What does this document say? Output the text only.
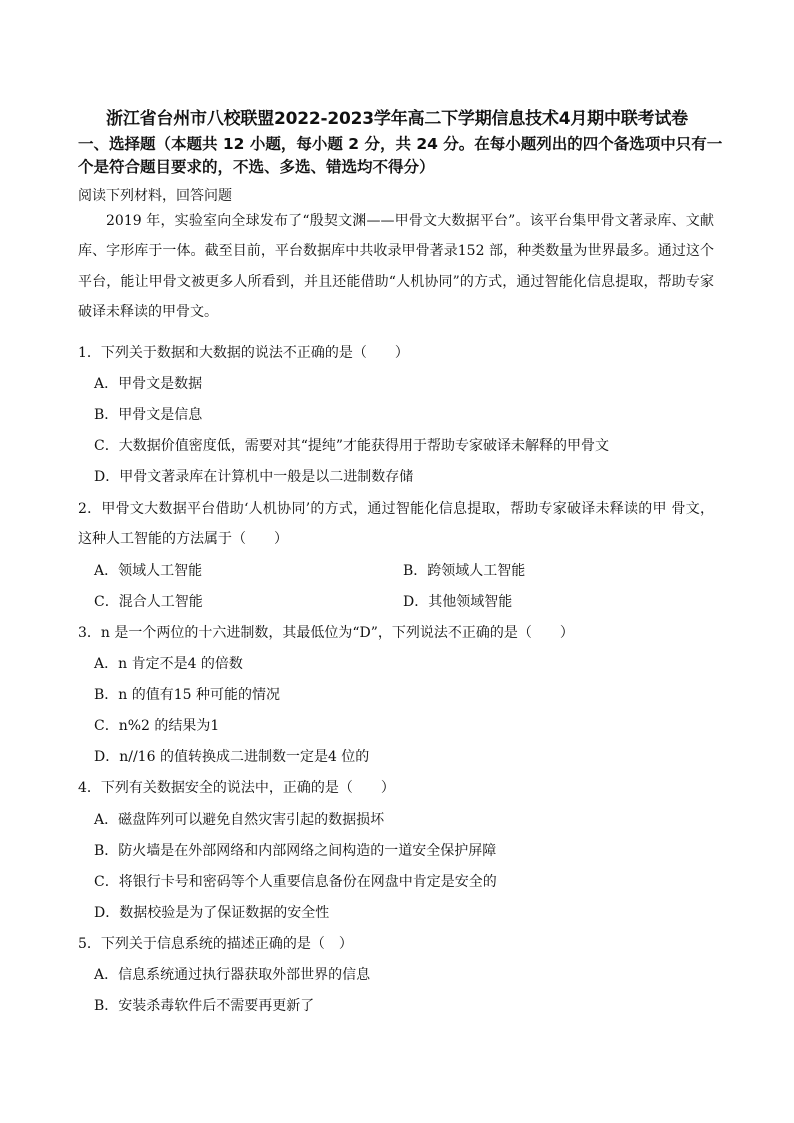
浙江省台州市八校联盟2022-2023学年高二下学期信息技术4月期中联考试卷
一、选择题（本题共 12 小题，每小题 2 分，共 24 分。在每小题列出的四个备选项中只有一个是符合题目要求的，不选、多选、错选均不得分）
阅读下列材料，回答问题
2019 年，实验室向全球发布了“殷契文渊——甲骨文大数据平台”。该平台集甲骨文著录库、文献库、字形库于一体。截至目前，平台数据库中共收录甲骨著录152 部，种类数量为世界最多。通过这个平台，能让甲骨文被更多人所看到，并且还能借助“人机协同”的方式，通过智能化信息提取，帮助专家破译未释读的甲骨文。
1．下列关于数据和大数据的说法不正确的是（　　）
A．甲骨文是数据
B．甲骨文是信息
C．大数据价值密度低，需要对其“提纯”才能获得用于帮助专家破译未解释的甲骨文
D．甲骨文著录库在计算机中一般是以二进制数存储
2．甲骨文大数据平台借助‘人机协同’的方式，通过智能化信息提取，帮助专家破译未释读的甲 骨文，这种人工智能的方法属于（　　）
A．领域人工智能	B．跨领域人工智能
C．混合人工智能	D．其他领域智能
3．n 是一个两位的十六进制数，其最低位为“D”，下列说法不正确的是（　　）
A．n 肯定不是4 的倍数
B．n 的值有15 种可能的情况
C．n%2 的结果为1
D．n//16 的值转换成二进制数一定是4 位的
4．下列有关数据安全的说法中，正确的是（　　）
A．磁盘阵列可以避免自然灾害引起的数据损坏
B．防火墙是在外部网络和内部网络之间构造的一道安全保护屏障
C．将银行卡号和密码等个人重要信息备份在网盘中肯定是安全的
D．数据校验是为了保证数据的安全性
5．下列关于信息系统的描述正确的是（　）
A．信息系统通过执行器获取外部世界的信息
B．安装杀毒软件后不需要再更新了
